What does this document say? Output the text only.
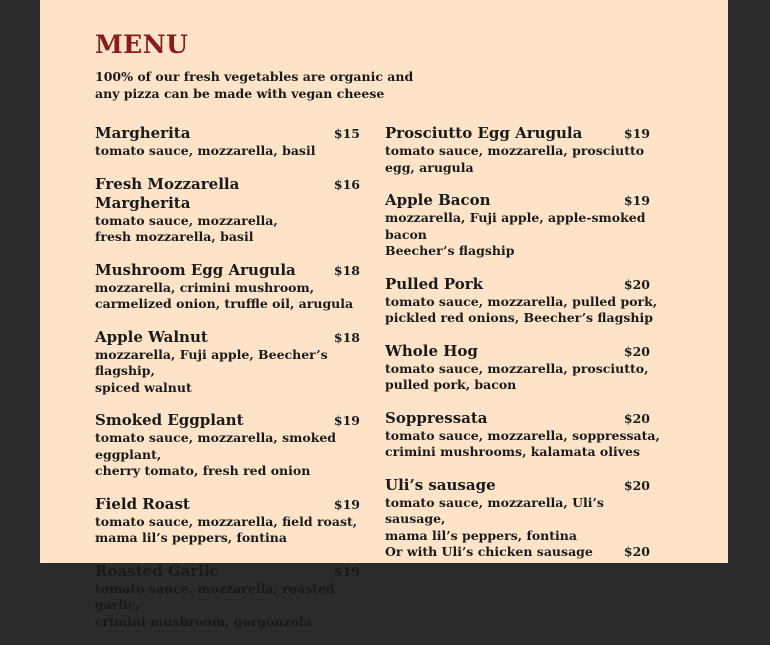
MENU
100% of our fresh vegetables are organic and
any pizza can be made with vegan cheese
Margherita	$15
tomato sauce, mozzarella, basil
Fresh Mozzarella Margherita
$16
tomato sauce, mozzarella,
fresh mozzarella, basil
Mushroom Egg Arugula	$18
mozzarella, crimini mushroom,
carmelized onion, truffle oil, arugula
Apple Walnut	$18
mozzarella, Fuji apple, Beecher’s flagship,
spiced walnut
Smoked Eggplant	$19
tomato sauce, mozzarella, smoked eggplant,
cherry tomato, fresh red onion
Field Roast	$19
tomato sauce, mozzarella, field roast,
mama lil’s peppers, fontina
Roasted Garlic	$19
tomato sauce, mozzarella, roasted garlic,
crimini mushroom, gorgonzola
Prosciutto Egg Arugula	$19
tomato sauce, mozzarella, prosciutto
egg, arugula
Apple Bacon	$19
mozzarella, Fuji apple, apple-smoked bacon
Beecher’s flagship
Pulled Pork	$20
tomato sauce, mozzarella, pulled pork,
pickled red onions, Beecher’s flagship
Whole Hog	$20
tomato sauce, mozzarella, prosciutto,
pulled pork, bacon
Soppressata	$20
tomato sauce, mozzarella, soppressata,
crimini mushrooms, kalamata olives
Uli’s sausage	$20
tomato sauce, mozzarella, Uli’s sausage,
mama lil’s peppers, fontina
Or with Uli’s chicken sausage $20
